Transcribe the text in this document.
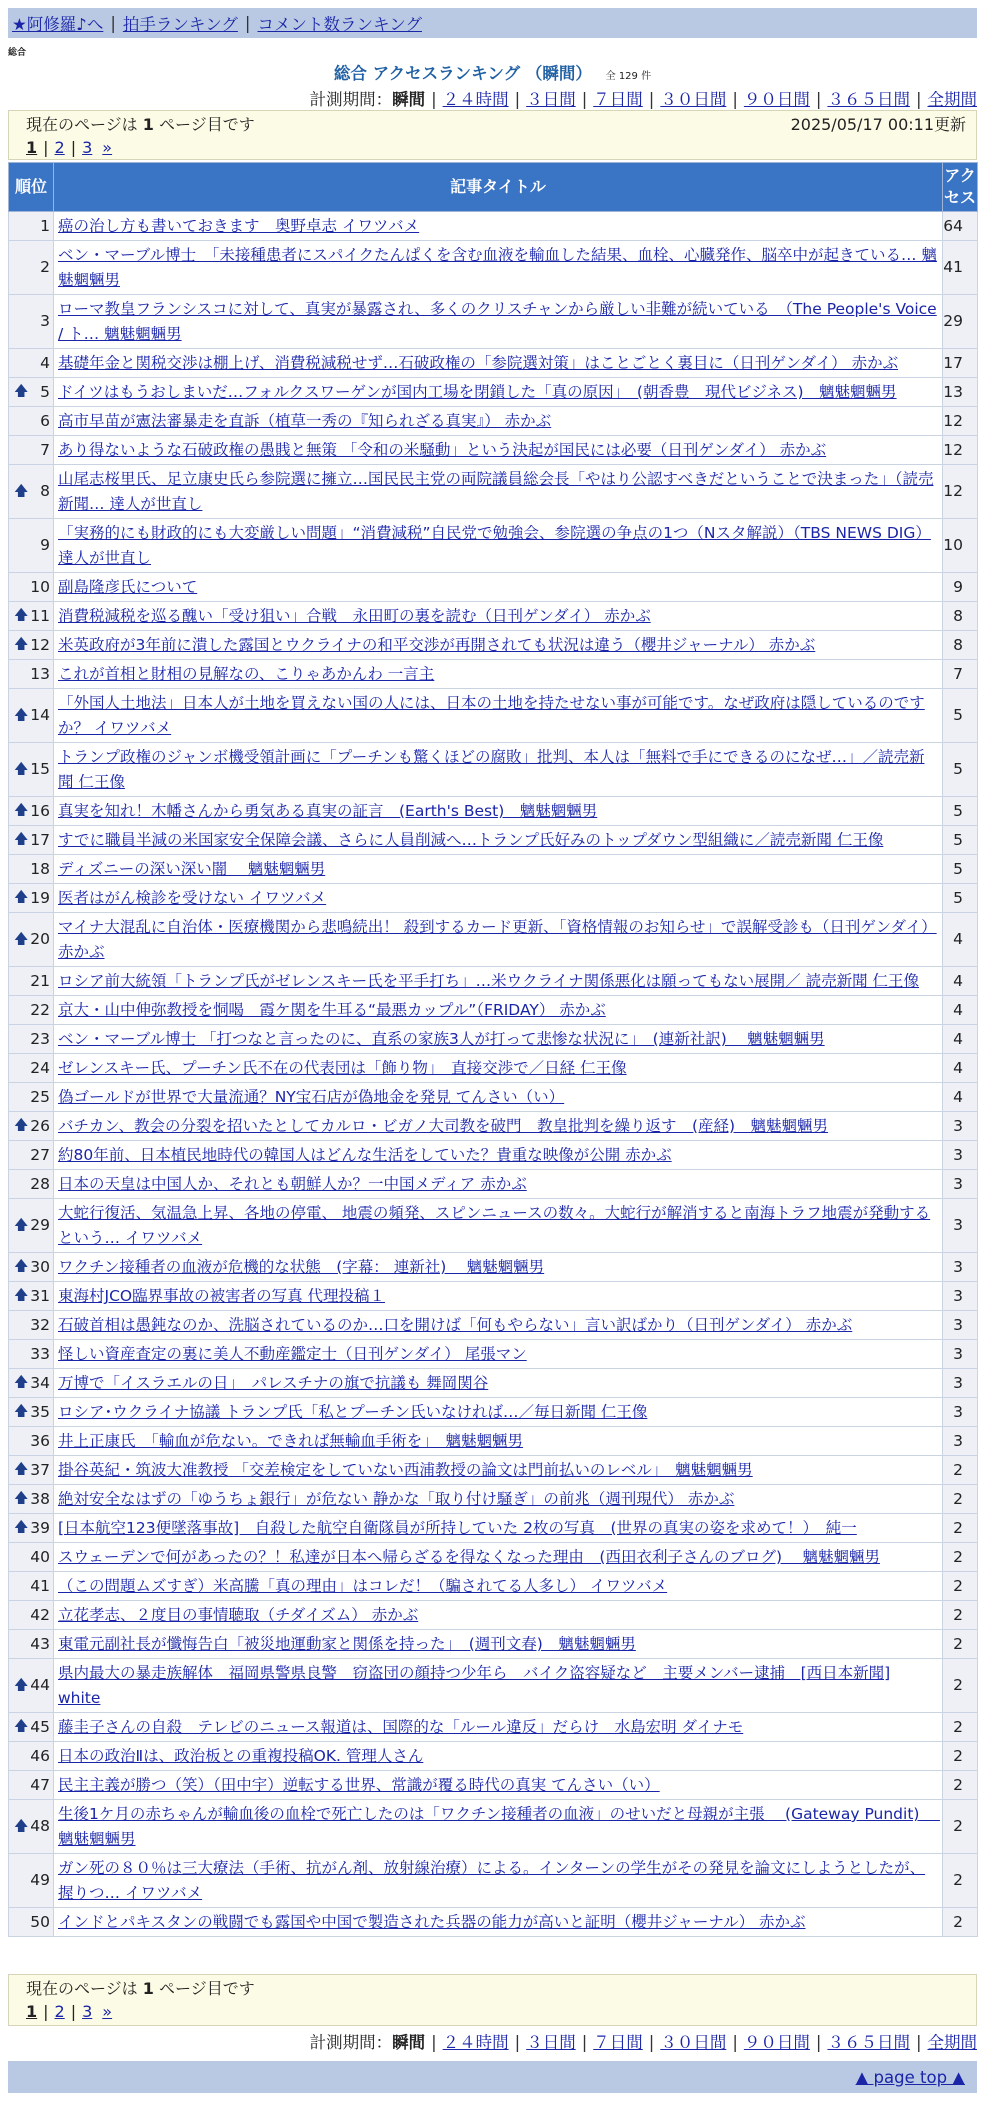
★阿修羅♪へ | 拍手ランキング | コメント数ランキング
総合
総合 アクセスランキング （瞬間） 全 129 件
計測期間：瞬間 | ２４時間 | ３日間 | ７日間 | ３０日間 | ９０日間 | ３６５日間 | 全期間
現在のページは 1 ページ目です	2025/05/17 00:11更新
1 | 2 | 3 »
順位	記事タイトル	アクセス
1	癌の治し方も書いておきます　奥野卓志 イワツバメ	64
2	ベン・マーブル博士　「未接種患者にスパイクたんぱくを含む血液を輸血した結果、血栓、心臓発作、脳卒中が起きている… 魑魅魍魎男	41
3	ローマ教皇フランシスコに対して、真実が暴露され、多くのクリスチャンから厳しい非難が続いている　（The People's Voice / ト… 魑魅魍魎男	29
4	基礎年金と関税交渉は棚上げ、消費税減税せず…石破政権の「参院選対策」はことごとく裏目に（日刊ゲンダイ） 赤かぶ	17

🡅 5	ドイツはもうおしまいだ…フォルクスワーゲンが国内工場を閉鎖した「真の原因」　(朝香豊　現代ビジネス)　魑魅魍魎男	13
6	高市早苗が憲法審暴走を直訴（植草一秀の『知られざる真実』） 赤かぶ	12
7	あり得ないような石破政権の愚賎と無策 「令和の米騒動」という決起が国民には必要（日刊ゲンダイ） 赤かぶ	12

🡅 8	山尾志桜里氏、足立康史氏ら参院選に擁立…国民民主党の両院議員総会長「やはり公認すべきだということで決まった」（読売新聞… 達人が世直し	12
9	「実務的にも財政的にも大変厳しい問題」“消費減税”自民党で勉強会、参院選の争点の1つ（Nスタ解説）（TBS NEWS DIG） 達人が世直し	10
10	副島隆彦氏について	9

🡅 11	消費税減税を巡る醜い「受け狙い」合戦　永田町の裏を読む（日刊ゲンダイ） 赤かぶ	8

🡅 12	米英政府が3年前に潰した露国とウクライナの和平交渉が再開されても状況は違う（櫻井ジャーナル） 赤かぶ	8
13	これが首相と財相の見解なの、こりゃあかんわ 一言主	7

🡅 14	「外国人土地法」日本人が土地を買えない国の人には、日本の土地を持たせない事が可能です。なぜ政府は隠しているのですか？ イワツバメ	5

🡅 15	トランプ政権のジャンボ機受領計画に「プーチンも驚くほどの腐敗」批判、本人は「無料で手にできるのになぜ…」／読売新聞 仁王像	5

🡅 16	真実を知れ！木幡さんから勇気ある真実の証言　(Earth's Best)　魑魅魍魎男	5

🡅 17	すでに職員半減の米国家安全保障会議、さらに人員削減へ…トランプ氏好みのトップダウン型組織に／読売新聞 仁王像	5
18	ディズニーの深い深い闇　 魑魅魍魎男	5

🡅 19	医者はがん検診を受けない イワツバメ	5

🡅 20	マイナ大混乱に自治体・医療機関から悲鳴続出！ 殺到するカード更新、「資格情報のお知らせ」で誤解受診も（日刊ゲンダイ） 赤かぶ	4
21	ロシア前大統領「トランプ氏がゼレンスキー氏を平手打ち」…米ウクライナ関係悪化は願ってもない展開／ 読売新聞 仁王像	4
22	京大・山中伸弥教授を恫喝　霞ケ関を牛耳る“最悪カップル”（FRIDAY） 赤かぶ	4
23	ベン・マーブル博士 「打つなと言ったのに、直系の家族3人が打って悲惨な状況に」　(連新社訳)　 魑魅魍魎男	4
24	ゼレンスキー氏、プーチン氏不在の代表団は「飾り物」　直接交渉で／日経 仁王像	4
25	偽ゴールドが世界で大量流通？NY宝石店が偽地金を発見 てんさい（い）	4

🡅 26	バチカン、教会の分裂を招いたとしてカルロ・ビガノ大司教を破門　教皇批判を繰り返す　(産経)　魑魅魍魎男	3
27	約80年前、日本植民地時代の韓国人はどんな生活をしていた？貴重な映像が公開 赤かぶ	3
28	日本の天皇は中国人か、それとも朝鮮人か？一中国メディア 赤かぶ	3

🡅 29	大蛇行復活、気温急上昇、各地の停電、 地震の頻発、スピンニュースの数々。大蛇行が解消すると南海トラフ地震が発動するという… イワツバメ	3

🡅 30	ワクチン接種者の血液が危機的な状態　(字幕： 連新社)　 魑魅魍魎男	3

🡅 31	東海村JCO臨界事故の被害者の写真 代理投稿１	3
32	石破首相は愚鈍なのか、洗脳されているのか…口を開けば「何もやらない」言い訳ばかり（日刊ゲンダイ） 赤かぶ	3
33	怪しい資産査定の裏に美人不動産鑑定士（日刊ゲンダイ） 尾張マン	3

🡅 34	万博で「イスラエルの日」　パレスチナの旗で抗議も 舞岡関谷	3

🡅 35	ロシア･ウクライナ協議 トランプ氏「私とプーチン氏いなければ…／毎日新聞 仁王像	3
36	井上正康氏　「輸血が危ない。できれば無輸血手術を」　魑魅魍魎男	3

🡅 37	掛谷英紀・筑波大准教授 「交差検定をしていない西浦教授の論文は門前払いのレベル」　魑魅魍魎男	2

🡅 38	絶対安全なはずの「ゆうちょ銀行」が危ない 静かな「取り付け騒ぎ」の前兆（週刊現代） 赤かぶ	2

🡅 39	[日本航空123便墜落事故]　自殺した航空自衛隊員が所持していた 2枚の写真　(世界の真実の姿を求めて！）　純一	2
40	スウェーデンで何があったの？！私達が日本へ帰らざるを得なくなった理由　(西田衣利子さんのブログ)　 魑魅魍魎男	2
41	（この問題ムズすぎ）米高騰「真の理由」はコレだ！（騙されてる人多し） イワツバメ	2
42	立花孝志、２度目の事情聴取（チダイズム） 赤かぶ	2
43	東電元副社長が懺悔告白「被災地運動家と関係を持った」　(週刊文春)　魑魅魍魎男	2

🡅 44	県内最大の暴走族解体　福岡県警県良警　窃盗団の顔持つ少年ら　バイク盗容疑など　主要メンバー逮捕　[西日本新聞] white	2

🡅 45	藤圭子さんの自殺　テレビのニュース報道は、国際的な「ルール違反」だらけ　水島宏明 ダイナモ	2
46	日本の政治Ⅱは、政治板との重複投稿OK. 管理人さん	2
47	民主主義が勝つ（笑）（田中宇）逆転する世界、常識が覆る時代の真実 てんさい（い）	2

🡅 48	生後1ケ月の赤ちゃんが輸血後の血栓で死亡したのは「ワクチン接種者の血液」のせいだと母親が主張　 (Gateway Pundit)　 魑魅魍魎男	2
49	ガン死の８０％は三大療法（手術、抗がん剤、放射線治療）による。インターンの学生がその発見を論文にしようとしたが、握りつ… イワツバメ	2
50	インドとパキスタンの戦闘でも露国や中国で製造された兵器の能力が高いと証明（櫻井ジャーナル） 赤かぶ	2
現在のページは 1 ページ目です
1 | 2 | 3 »
計測期間：瞬間 | ２４時間 | ３日間 | ７日間 | ３０日間 | ９０日間 | ３６５日間 | 全期間
▲ page top ▲
